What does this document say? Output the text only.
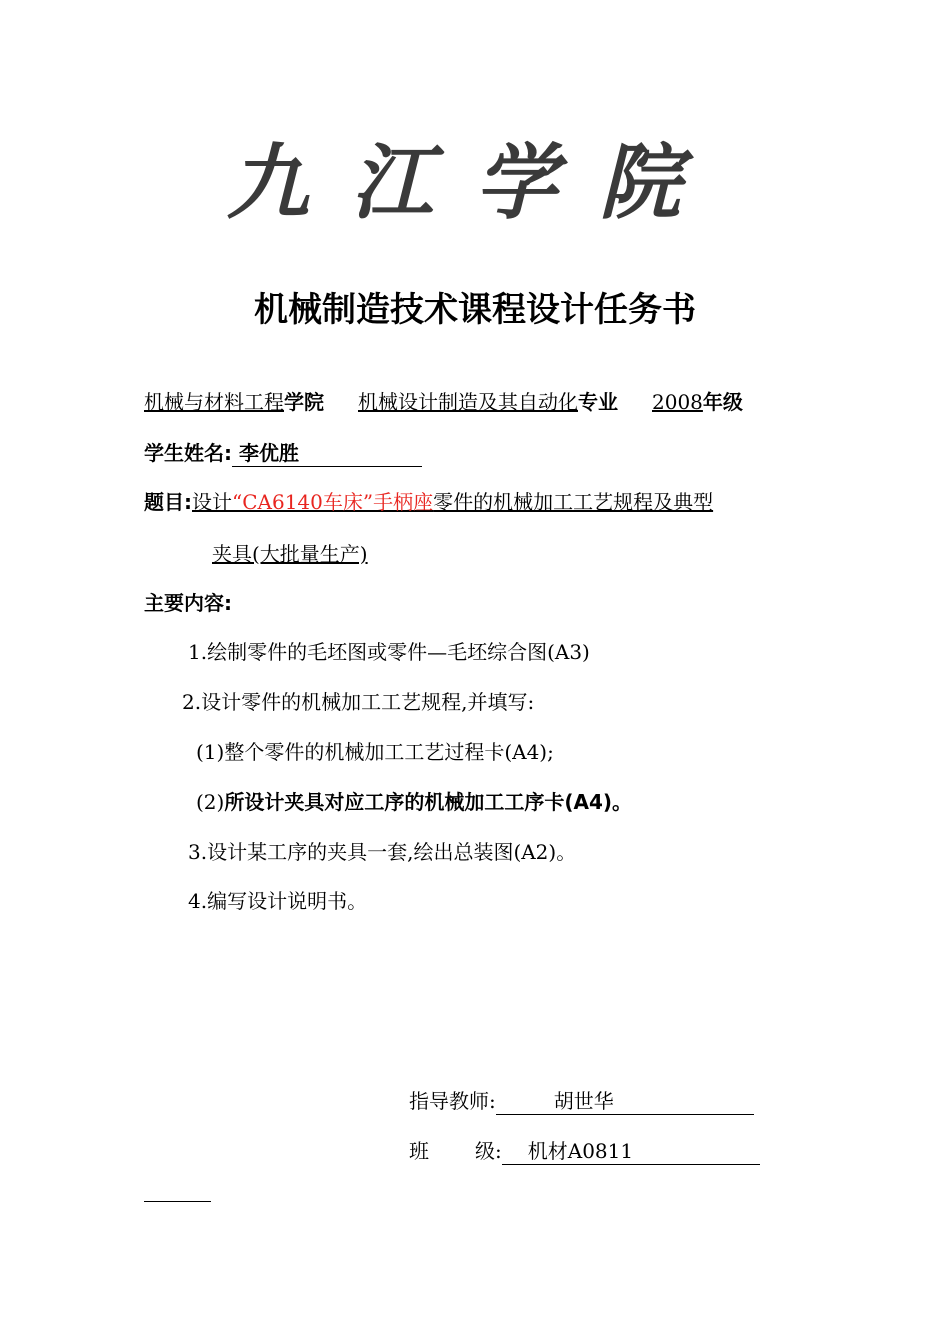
九江学院
机械制造技术课程设计任务书
机械与材料工程学院 机械设计制造及其自动化专业 2008年级
学生姓名: 李优胜
题目:设计“CA6140车床”手柄座零件的机械加工工艺规程及典型
夹具(大批量生产)
主要内容:
1.绘制零件的毛坯图或零件—毛坯综合图(A3)
2.设计零件的机械加工工艺规程,并填写:
(1)整个零件的机械加工工艺过程卡(A4);
(2)所设计夹具对应工序的机械加工工序卡(A4)。
3.设计某工序的夹具一套,绘出总装图(A2)。
4.编写设计说明书。
指导教师:	胡世华
班 级: 机材A0811
